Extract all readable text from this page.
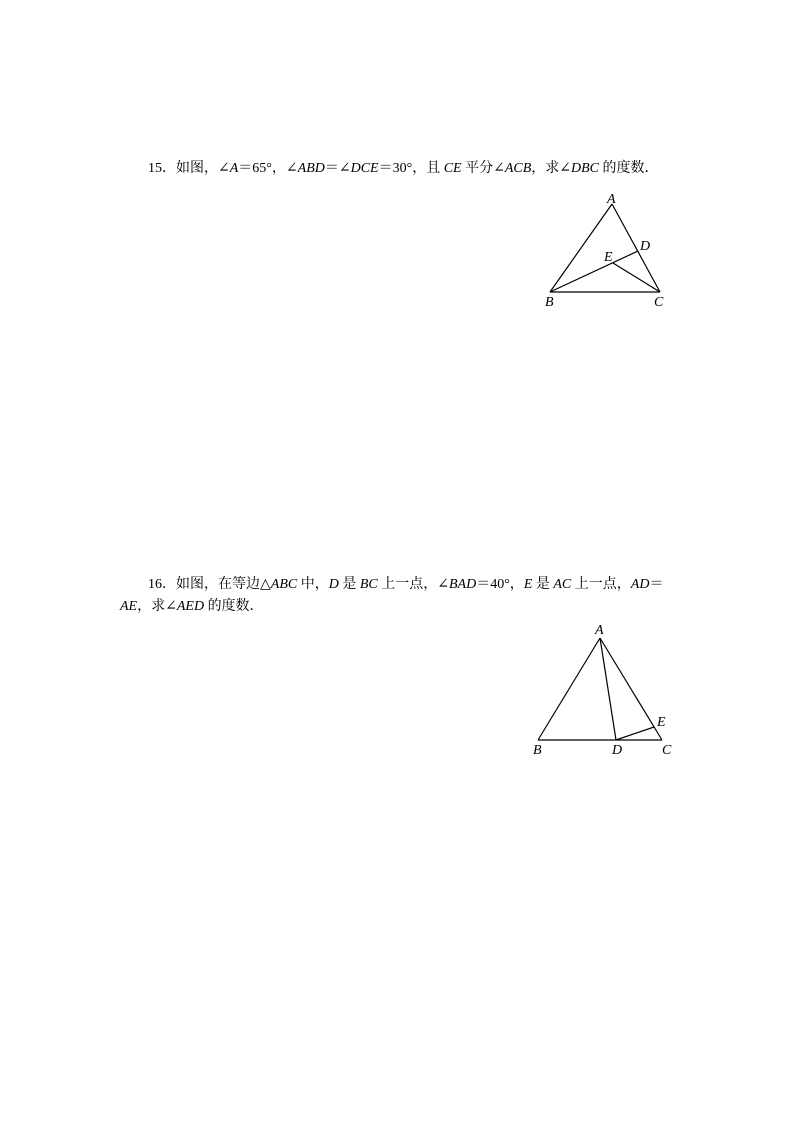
15．如图，∠A＝65°，∠ABD＝∠DCE＝30°，且 CE 平分∠ACB，求∠DBC 的度数．
A
B	C
D
E
16．如图，在等边△ABC 中，D 是 BC 上一点，∠BAD＝40°，E 是 AC 上一点，AD＝
AE，求∠AED 的度数．
A
B	C
D
E
